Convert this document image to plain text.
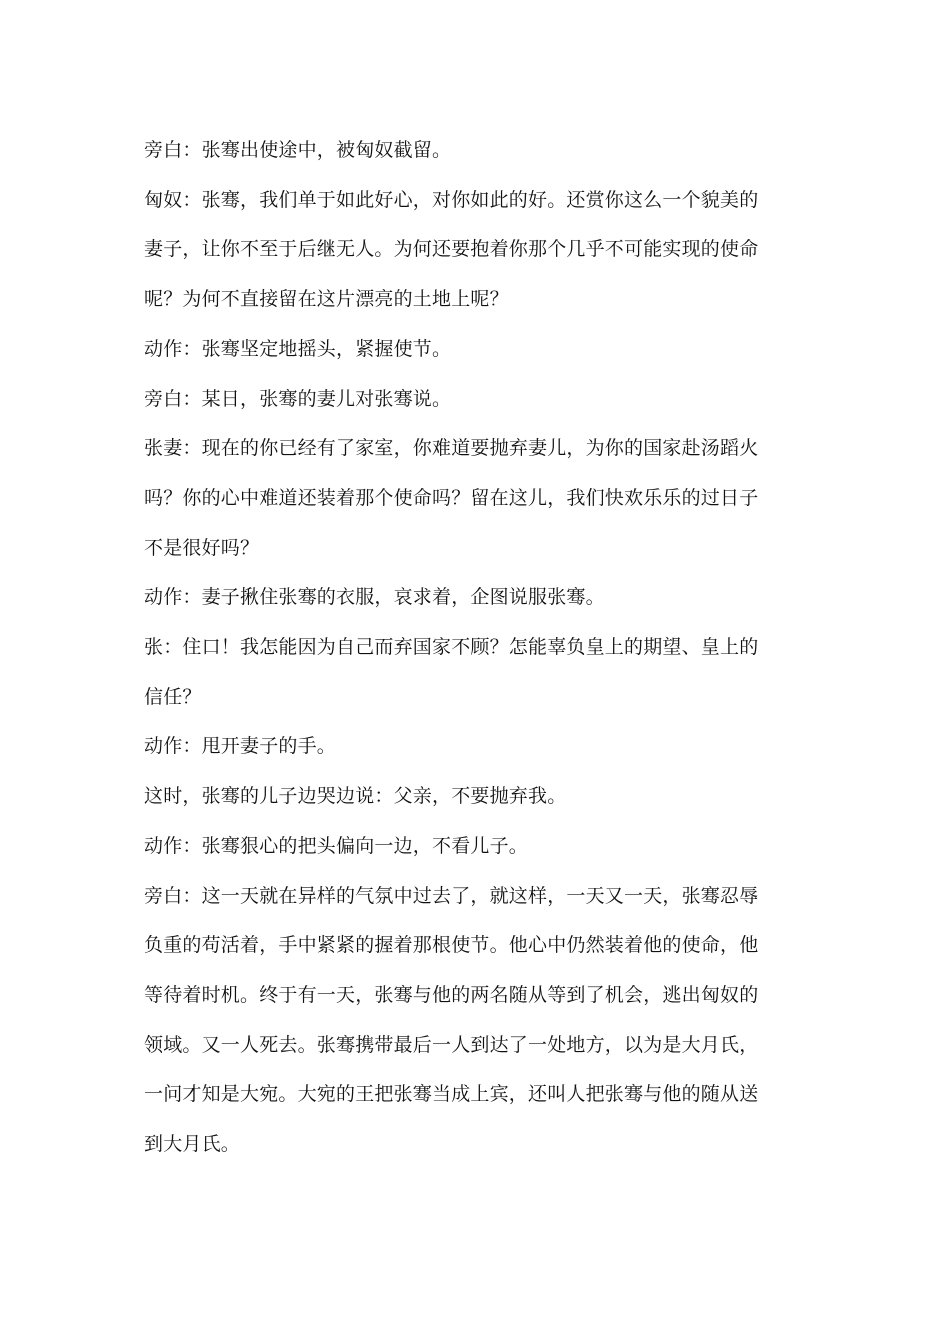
旁白：张骞出使途中，被匈奴截留。

匈奴：张骞，我们单于如此好心，对你如此的好。还赏你这么一个貌美的
妻子，让你不至于后继无人。为何还要抱着你那个几乎不可能实现的使命
呢？为何不直接留在这片漂亮的土地上呢？

动作：张骞坚定地摇头，紧握使节。

旁白：某日，张骞的妻儿对张骞说。

张妻：现在的你已经有了家室，你难道要抛弃妻儿，为你的国家赴汤蹈火
吗？你的心中难道还装着那个使命吗？留在这儿，我们快欢乐乐的过日子
不是很好吗？

动作：妻子揪住张骞的衣服，哀求着，企图说服张骞。

张：住口！我怎能因为自己而弃国家不顾？怎能辜负皇上的期望、皇上的
信任？

动作：甩开妻子的手。

这时，张骞的儿子边哭边说：父亲，不要抛弃我。

动作：张骞狠心的把头偏向一边，不看儿子。

旁白：这一天就在异样的气氛中过去了，就这样，一天又一天，张骞忍辱
负重的苟活着，手中紧紧的握着那根使节。他心中仍然装着他的使命，他
等待着时机。终于有一天，张骞与他的两名随从等到了机会，逃出匈奴的
领域。又一人死去。张骞携带最后一人到达了一处地方，以为是大月氏，
一问才知是大宛。大宛的王把张骞当成上宾，还叫人把张骞与他的随从送
到大月氏。
